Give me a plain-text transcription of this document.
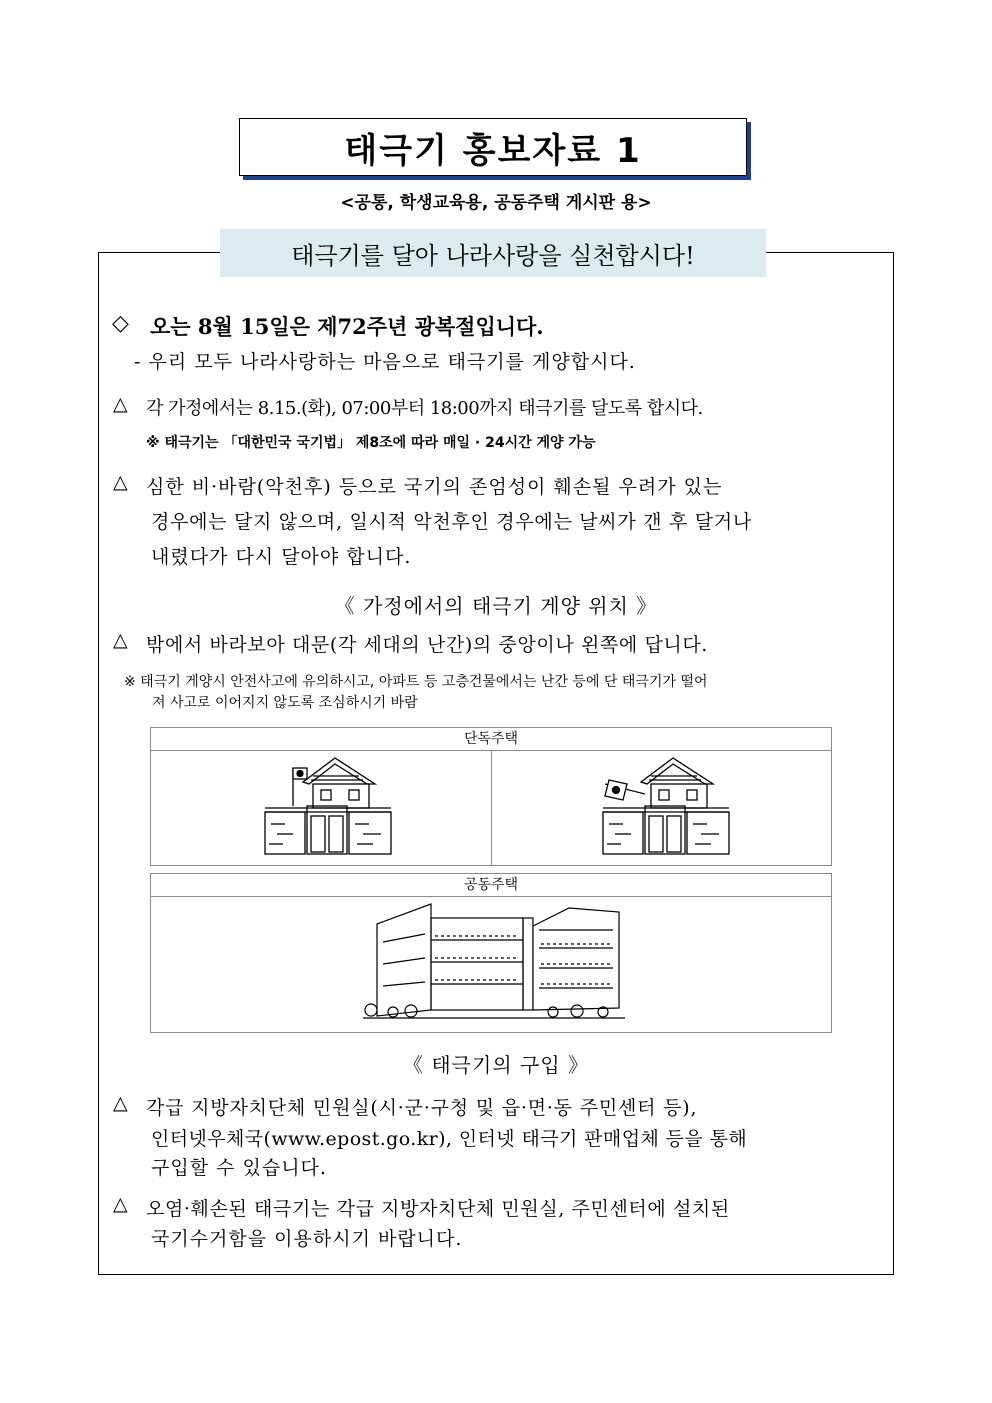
태극기 홍보자료 1
<공통, 학생교육용, 공동주택 게시판 용>
태극기를 달아 나라사랑을 실천합시다!
◇ 오는 8월 15일은 제72주년 광복절입니다.
- 우리 모두 나라사랑하는 마음으로 태극기를 게양합시다.
△ 각 가정에서는 8.15.(화), 07:00부터 18:00까지 태극기를 달도록 합시다.
※ 태극기는 「대한민국 국기법」 제8조에 따라 매일 · 24시간 게양 가능
△ 심한 비·바람(악천후) 등으로 국기의 존엄성이 훼손될 우려가 있는
경우에는 달지 않으며, 일시적 악천후인 경우에는 날씨가 갠 후 달거나
내렸다가 다시 달아야 합니다.
《 가정에서의 태극기 게양 위치 》
△ 밖에서 바라보아 대문(각 세대의 난간)의 중앙이나 왼쪽에 답니다.
※ 태극기 게양시 안전사고에 유의하시고, 아파트 등 고층건물에서는 난간 등에 단 태극기가 떨어
져 사고로 이어지지 않도록 조심하시기 바람
단독주택
공동주택
《 태극기의 구입 》
△ 각급 지방자치단체 민원실(시·군·구청 및 읍·면·동 주민센터 등),
인터넷우체국(www.epost.go.kr), 인터넷 태극기 판매업체 등을 통해
구입할 수 있습니다.
△ 오염·훼손된 태극기는 각급 지방자치단체 민원실, 주민센터에 설치된
국기수거함을 이용하시기 바랍니다.
